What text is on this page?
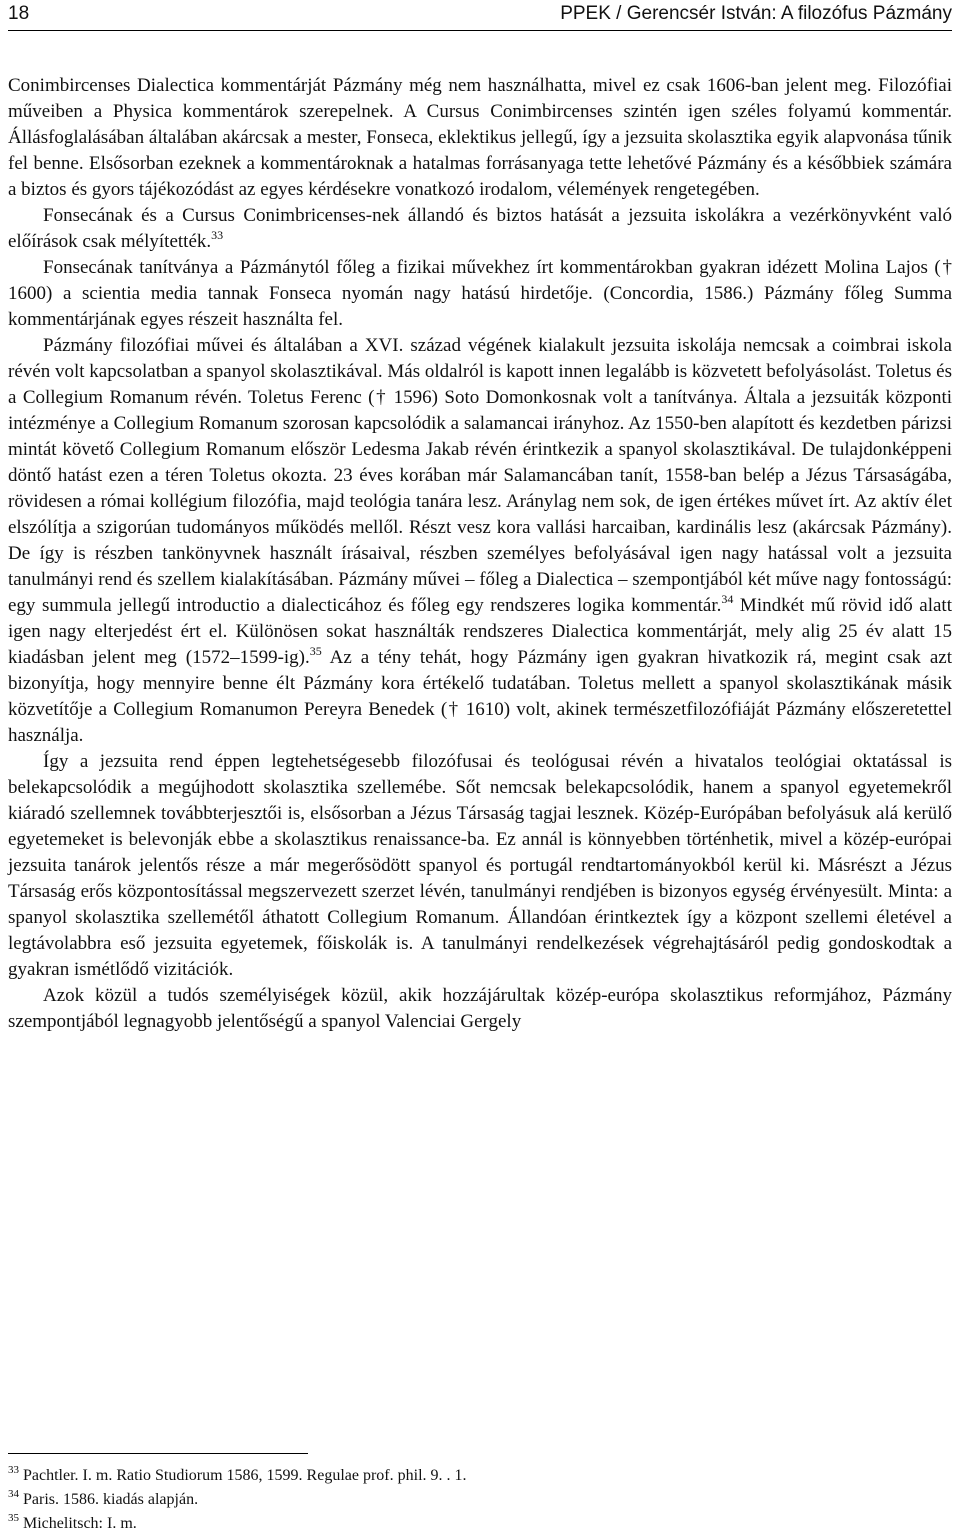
18	PPEK / Gerencsér István: A filozófus Pázmány

Conimbircenses Dialectica kommentárját Pázmány még nem használhatta, mivel ez csak 1606-ban jelent meg. Filozófiai műveiben a Physica kommentárok szerepelnek. A Cursus Conimbircenses szintén igen széles folyamú kommentár. Állásfoglalásában általában akárcsak a mester, Fonseca, eklektikus jellegű, így a jezsuita skolasztika egyik alapvonása tűnik fel benne. Elsősorban ezeknek a kommentároknak a hatalmas forrásanyaga tette lehetővé Pázmány és a későbbiek számára a biztos és gyors tájékozódást az egyes kérdésekre vonatkozó irodalom, vélemények rengetegében.

Fonsecának és a Cursus Conimbricenses-nek állandó és biztos hatását a jezsuita iskolákra a vezérkönyvként való előírások csak mélyítették.$^{33}$

Fonsecának tanítványa a Pázmánytól főleg a fizikai művekhez írt kommentárokban gyakran idézett Molina Lajos († 1600) a scientia media tannak Fonseca nyomán nagy hatású hirdetője. (Concordia, 1586.) Pázmány főleg Summa kommentárjának egyes részeit használta fel.

Pázmány filozófiai művei és általában a XVI. század végének kialakult jezsuita iskolája nemcsak a coimbrai iskola révén volt kapcsolatban a spanyol skolasztikával. Más oldalról is kapott innen legalább is közvetett befolyásolást. Toletus és a Collegium Romanum révén. Toletus Ferenc († 1596) Soto Domonkosnak volt a tanítványa. Általa a jezsuiták központi intézménye a Collegium Romanum szorosan kapcsolódik a salamancai irányhoz. Az 1550-ben alapított és kezdetben párizsi mintát követő Collegium Romanum először Ledesma Jakab révén érintkezik a spanyol skolasztikával. De tulajdonképpeni döntő hatást ezen a téren Toletus okozta. 23 éves korában már Salamancában tanít, 1558-ban belép a Jézus Társaságába, rövidesen a római kollégium filozófia, majd teológia tanára lesz. Aránylag nem sok, de igen értékes művet írt. Az aktív élet elszólítja a szigorúan tudományos működés mellől. Részt vesz kora vallási harcaiban, kardinális lesz (akárcsak Pázmány). De így is részben tankönyvnek használt írásaival, részben személyes befolyásával igen nagy hatással volt a jezsuita tanulmányi rend és szellem kialakításában. Pázmány művei – főleg a Dialectica – szempontjából két műve nagy fontosságú: egy summula jellegű introductio a dialecticához és főleg egy rendszeres logika kommentár.$^{34}$ Mindkét mű rövid idő alatt igen nagy elterjedést ért el. Különösen sokat használták rendszeres Dialectica kommentárját, mely alig 25 év alatt 15 kiadásban jelent meg (1572–1599-ig).$^{35}$ Az a tény tehát, hogy Pázmány igen gyakran hivatkozik rá, megint csak azt bizonyítja, hogy mennyire benne élt Pázmány kora értékelő tudatában. Toletus mellett a spanyol skolasztikának másik közvetítője a Collegium Romanumon Pereyra Benedek († 1610) volt, akinek természetfilozófiáját Pázmány előszeretettel használja.

Így a jezsuita rend éppen legtehetségesebb filozófusai és teológusai révén a hivatalos teológiai oktatással is belekapcsolódik a megújhodott skolasztika szellemébe. Sőt nemcsak belekapcsolódik, hanem a spanyol egyetemekről kiáradó szellemnek továbbterjesztői is, elsősorban a Jézus Társaság tagjai lesznek. Közép-Európában befolyásuk alá kerülő egyetemeket is belevonják ebbe a skolasztikus renaissance-ba. Ez annál is könnyebben történhetik, mivel a közép-európai jezsuita tanárok jelentős része a már megerősödött spanyol és portugál rendtartományokból kerül ki. Másrészt a Jézus Társaság erős központosítással megszervezett szerzet lévén, tanulmányi rendjében is bizonyos egység érvényesült. Minta: a spanyol skolasztika szellemétől áthatott Collegium Romanum. Állandóan érintkeztek így a központ szellemi életével a legtávolabbra eső jezsuita egyetemek, főiskolák is. A tanulmányi rendelkezések végrehajtásáról pedig gondoskodtak a gyakran ismétlődő vizitációk.

Azok közül a tudós személyiségek közül, akik hozzájárultak közép-európa skolasztikus reformjához, Pázmány szempontjából legnagyobb jelentőségű a spanyol Valenciai Gergely

$^{33}$ Pachtler. I. m. Ratio Studiorum 1586, 1599. Regulae prof. phil. 9. . 1.
$^{34}$ Paris. 1586. kiadás alapján.
$^{35}$ Michelitsch: I. m.
